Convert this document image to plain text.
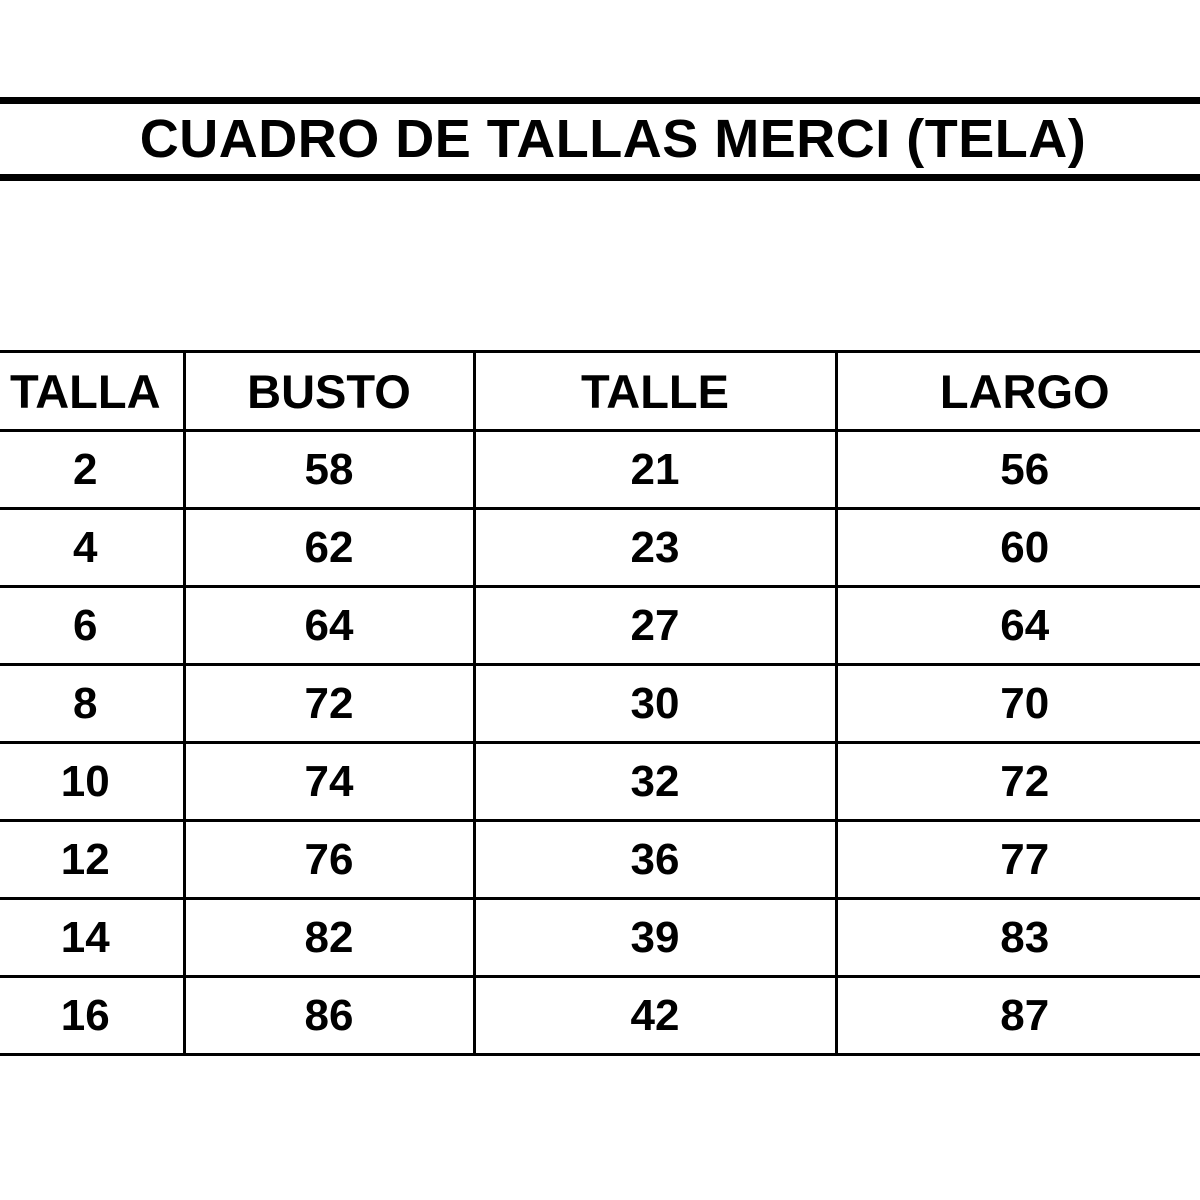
CUADRO DE TALLAS MERCI (TELA)
TALLA	BUSTO	TALLE	LARGO
2	58	21	56
4	62	23	60
6	64	27	64
8	72	30	70
10	74	32	72
12	76	36	77
14	82	39	83
16	86	42	87
